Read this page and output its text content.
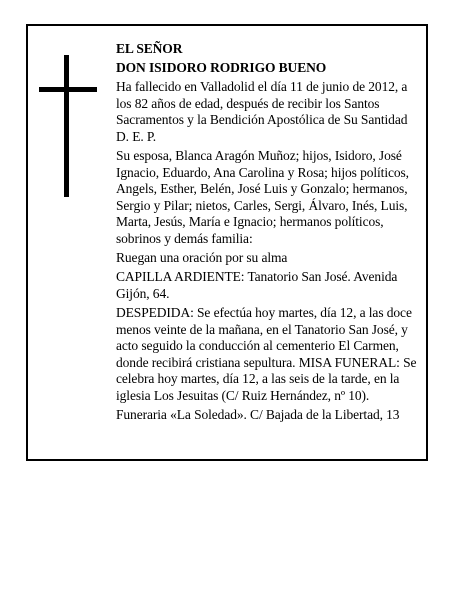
EL SEÑOR

DON ISIDORO RODRIGO BUENO

Ha fallecido en Valladolid el día 11 de junio de 2012, a los 82 años de edad, después de recibir los Santos Sacramentos y la Bendición Apostólica de Su Santidad D. E. P.

Su esposa, Blanca Aragón Muñoz; hijos, Isidoro, José Ignacio, Eduardo, Ana Carolina y Rosa; hijos políticos, Angels, Esther, Belén, José Luis y Gonzalo; hermanos, Sergio y Pilar; nietos, Carles, Sergi, Álvaro, Inés, Luis, Marta, Jesús, María e Ignacio; hermanos políticos, sobrinos y demás familia:

Ruegan una oración por su alma

CAPILLA ARDIENTE: Tanatorio San José. Avenida Gijón, 64.

DESPEDIDA: Se efectúa hoy martes, día 12, a las doce menos veinte de la mañana, en el Tanatorio San José, y acto seguido la conducción al cementerio El Carmen, donde recibirá cristiana sepultura. MISA FUNERAL: Se celebra hoy martes, día 12, a las seis de la tarde, en la iglesia Los Jesuitas (C/ Ruiz Hernández, nº 10).

Funeraria «La Soledad». C/ Bajada de la Libertad, 13
